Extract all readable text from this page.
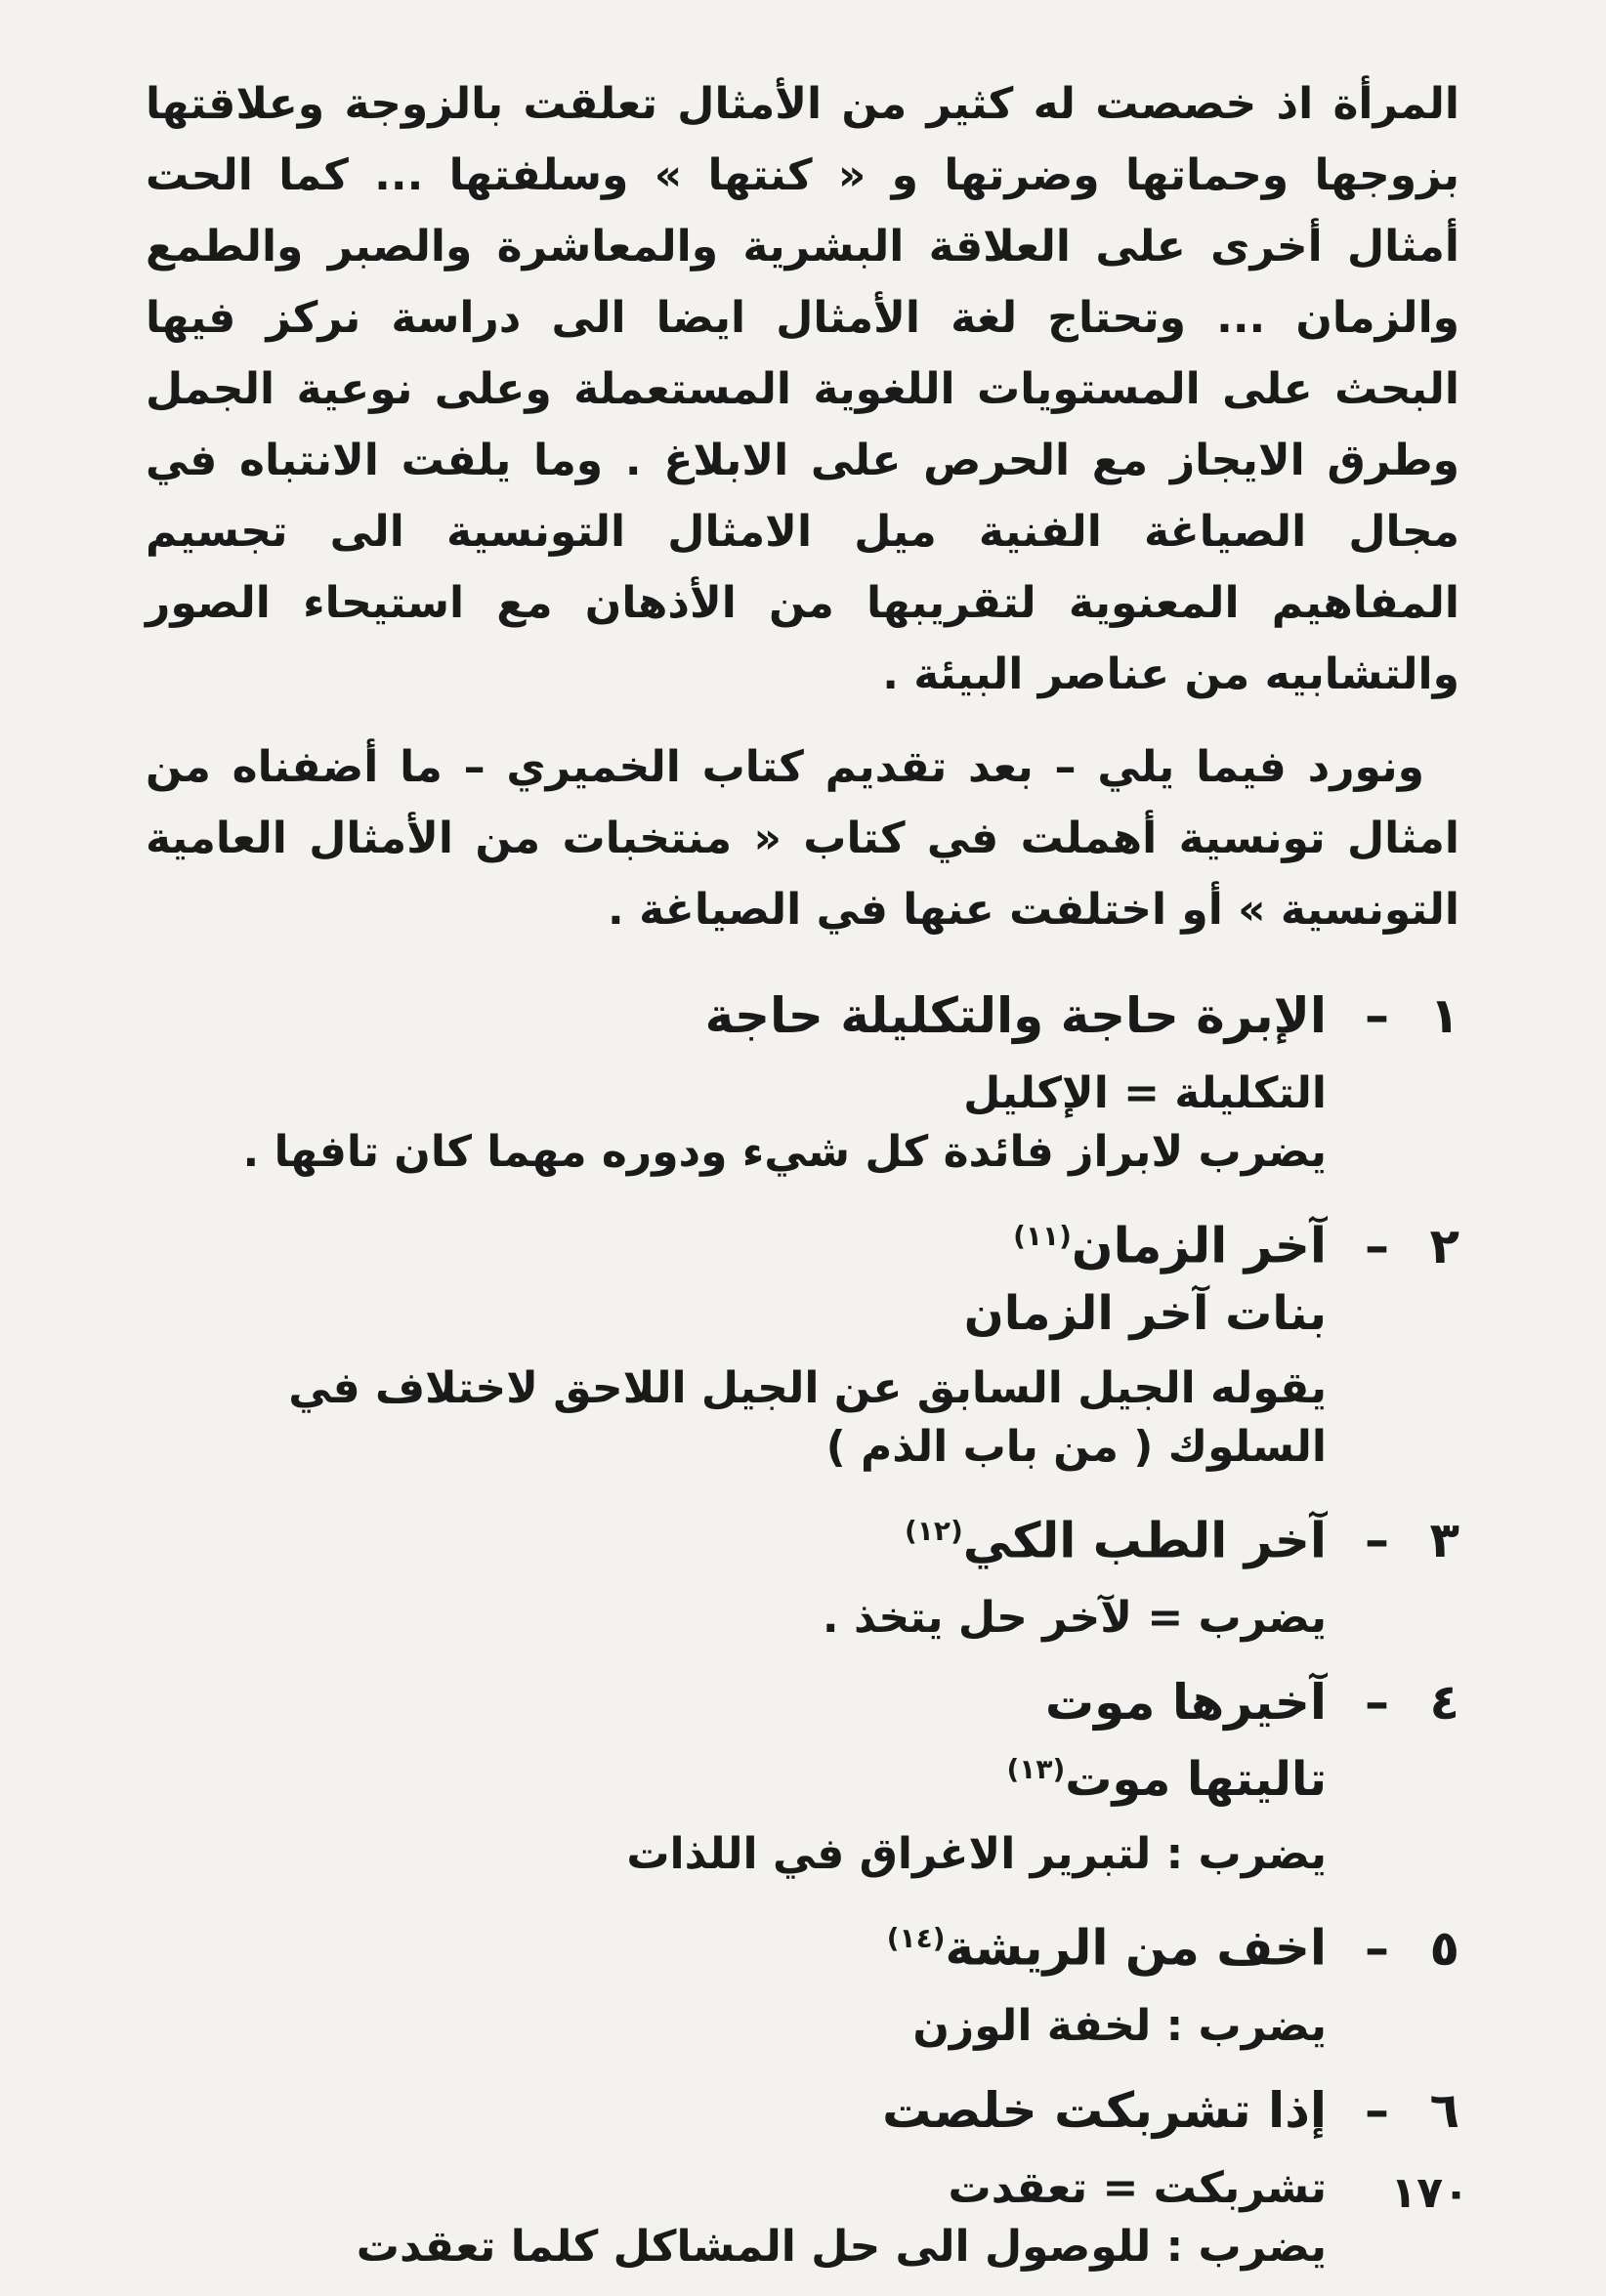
المرأة اذ خصصت له كثير من الأمثال تعلقت بالزوجة وعلاقتها بزوجها وحماتها وضرتها و « كنتها » وسلفتها ... كما الحت أمثال أخرى على العلاقة البشرية والمعاشرة والصبر والطمع والزمان ... وتحتاج لغة الأمثال ايضا الى دراسة نركز فيها البحث على المستويات اللغوية المستعملة وعلى نوعية الجمل وطرق الايجاز مع الحرص على الابلاغ . وما يلفت الانتباه في مجال الصياغة الفنية ميل الامثال التونسية الى تجسيم المفاهيم المعنوية لتقريبها من الأذهان مع استيحاء الصور والتشابيه من عناصر البيئة .

ونورد فيما يلي – بعد تقديم كتاب الخميري – ما أضفناه من امثال تونسية أهملت في كتاب « منتخبات من الأمثال العامية التونسية » أو اختلفت عنها في الصياغة .

١
–
الإبرة حاجة والتكليلة حاجة
التكليلة = الإكليل
يضرب لابراز فائدة كل شيء ودوره مهما كان تافها .
٢
–
آخر الزمان$^{(١١)}$
بنات آخر الزمان
يقوله الجيل السابق عن الجيل اللاحق لاختلاف في السلوك ( من باب الذم )
٣
–
آخر الطب الكي$^{(١٢)}$
يضرب = لآخر حل يتخذ .
٤
–
آخيرها موت
تاليتها موت$^{(١٣)}$
يضرب : لتبرير الاغراق في اللذات
٥
–
اخف من الريشة$^{(١٤)}$
يضرب : لخفة الوزن
٦
–
إذا تشربكت خلصت
تشربكت = تعقدت
يضرب : للوصول الى حل المشاكل كلما تعقدت
١٧٠
